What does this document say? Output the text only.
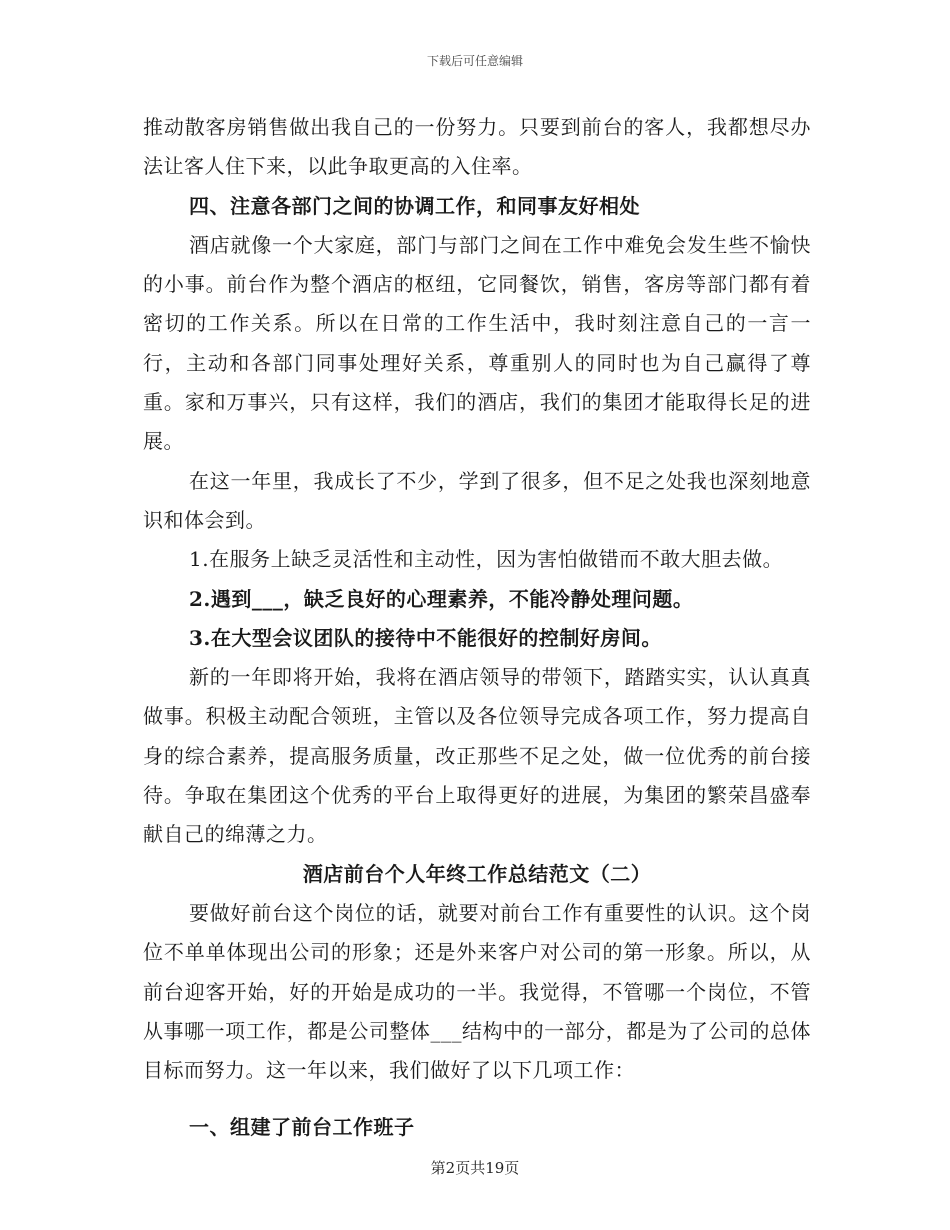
下载后可任意编辑

推动散客房销售做出我自己的一份努力。只要到前台的客人，我都想尽办法让客人住下来，以此争取更高的入住率。

四、注意各部门之间的协调工作，和同事友好相处

酒店就像一个大家庭，部门与部门之间在工作中难免会发生些不愉快的小事。前台作为整个酒店的枢纽，它同餐饮，销售，客房等部门都有着密切的工作关系。所以在日常的工作生活中，我时刻注意自己的一言一行，主动和各部门同事处理好关系，尊重别人的同时也为自己赢得了尊重。家和万事兴，只有这样，我们的酒店，我们的集团才能取得长足的进展。

在这一年里，我成长了不少，学到了很多，但不足之处我也深刻地意识和体会到。

1.在服务上缺乏灵活性和主动性，因为害怕做错而不敢大胆去做。

2.遇到___，缺乏良好的心理素养，不能冷静处理问题。

3.在大型会议团队的接待中不能很好的控制好房间。

新的一年即将开始，我将在酒店领导的带领下，踏踏实实，认认真真做事。积极主动配合领班，主管以及各位领导完成各项工作，努力提高自身的综合素养，提高服务质量，改正那些不足之处，做一位优秀的前台接待。争取在集团这个优秀的平台上取得更好的进展，为集团的繁荣昌盛奉献自己的绵薄之力。

酒店前台个人年终工作总结范文（二）

要做好前台这个岗位的话，就要对前台工作有重要性的认识。这个岗位不单单体现出公司的形象；还是外来客户对公司的第一形象。所以，从前台迎客开始，好的开始是成功的一半。我觉得，不管哪一个岗位，不管从事哪一项工作，都是公司整体___结构中的一部分，都是为了公司的总体目标而努力。这一年以来，我们做好了以下几项工作：

一、组建了前台工作班子

第2页共19页
